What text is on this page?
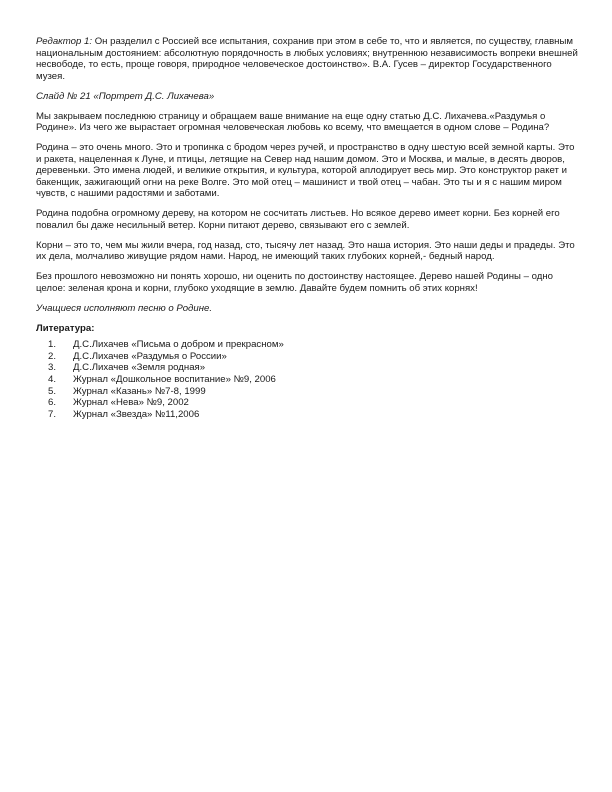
Редактор 1: Он разделил с Россией все испытания, сохранив при этом в себе то, что и является, по существу, главным национальным достоянием: абсолютную порядочность в любых условиях; внутреннюю независимость вопреки внешней несвободе, то есть, проще говоря, природное человеческое достоинство». В.А. Гусев – директор Государственного музея.

Слайд № 21 «Портрет Д.С. Лихачева»

Мы закрываем последнюю страницу и обращаем ваше внимание на еще одну статью Д.С. Лихачева.«Раздумья о Родине». Из чего же вырастает огромная человеческая любовь ко всему, что вмещается в одном слове – Родина?

Родина – это очень много. Это и тропинка с бродом через ручей, и пространство в одну шестую всей земной карты. Это и ракета, нацеленная к Луне, и птицы, летящие на Север над нашим домом. Это и Москва, и малые, в десять дворов, деревеньки. Это имена людей, и великие открытия, и культура, которой аплодирует весь мир. Это конструктор ракет и бакенщик, зажигающий огни на реке Волге. Это мой отец – машинист и твой отец – чабан. Это ты и я с нашим миром чувств, с нашими радостями и заботами.

Родина подобна огромному дереву, на котором не сосчитать листьев. Но всякое дерево имеет корни. Без корней его повалил бы даже несильный ветер. Корни питают дерево, связывают его с землей.

Корни – это то, чем мы жили вчера, год назад, сто, тысячу лет назад. Это наша история. Это наши деды и прадеды. Это их дела, молчаливо живущие рядом нами. Народ, не имеющий таких глубоких корней,- бедный народ.

Без прошлого невозможно ни понять хорошо, ни оценить по достоинству настоящее. Дерево нашей Родины – одно целое: зеленая крона и корни, глубоко уходящие в землю. Давайте будем помнить об этих корнях!

Учащиеся исполняют песню о Родине.

Литература:
Д.С.Лихачев «Письма о добром и прекрасном»
Д.С.Лихачев «Раздумья о России»
Д.С.Лихачев «Земля родная»
Журнал «Дошкольное воспитание» №9, 2006
Журнал «Казань» №7-8, 1999
Журнал «Нева» №9, 2002
Журнал «Звезда» №11,2006
